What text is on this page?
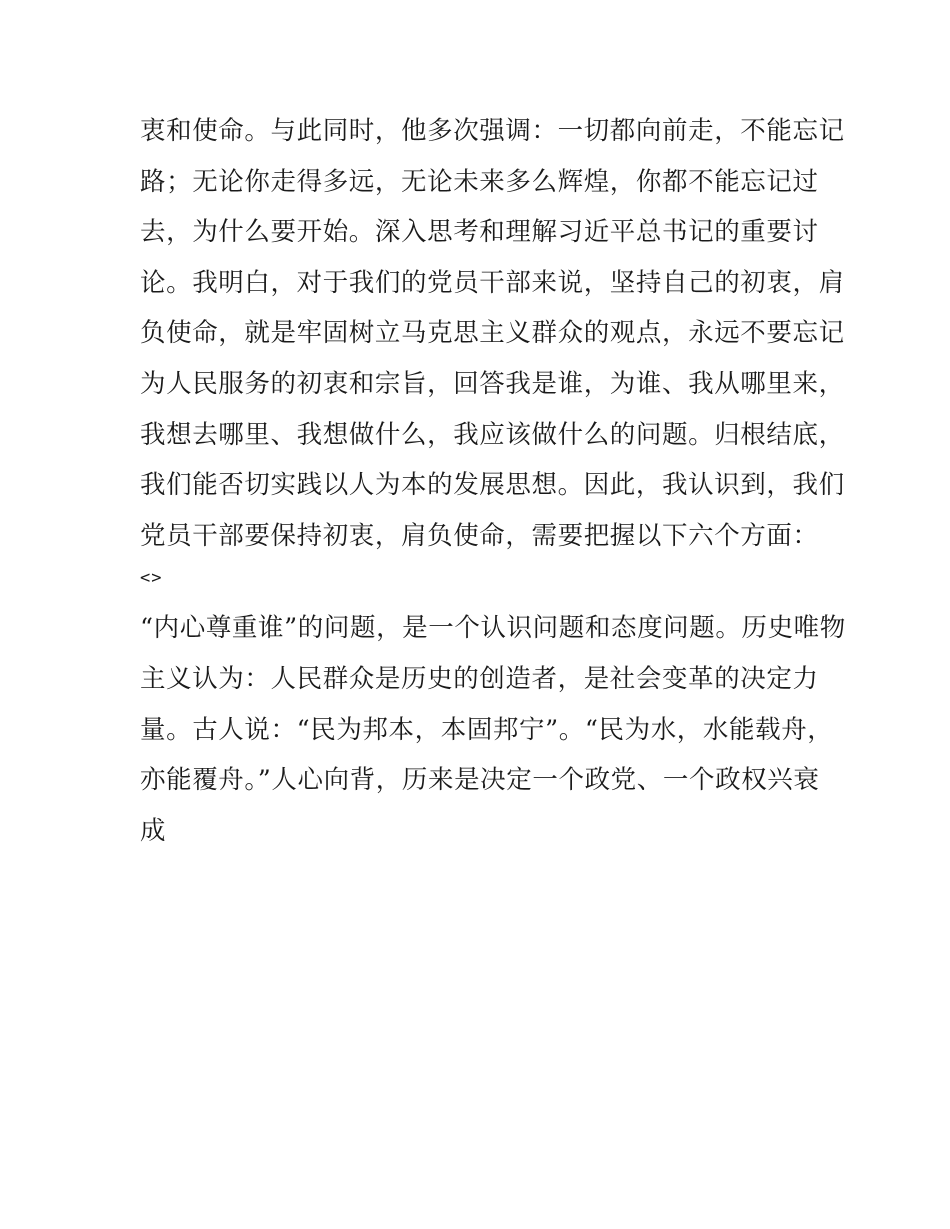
衷和使命。与此同时，他多次强调：一切都向前走，不能忘记
路；无论你走得多远，无论未来多么辉煌，你都不能忘记过
去，为什么要开始。深入思考和理解习近平总书记的重要讨
论。我明白，对于我们的党员干部来说，坚持自己的初衷，肩
负使命，就是牢固树立马克思主义群众的观点，永远不要忘记
为人民服务的初衷和宗旨，回答我是谁，为谁、我从哪里来，
我想去哪里、我想做什么，我应该做什么的问题。归根结底，
我们能否切实践以人为本的发展思想。因此，我认识到，我们
党员干部要保持初衷，肩负使命，需要把握以下六个方面：
<>
“内心尊重谁”的问题，是一个认识问题和态度问题。历史唯物
主义认为：人民群众是历史的创造者，是社会变革的决定力
量。古人说：“民为邦本，本固邦宁”。“民为水，水能载舟，
亦能覆舟。”人心向背，历来是决定一个政党、一个政权兴衰
成
